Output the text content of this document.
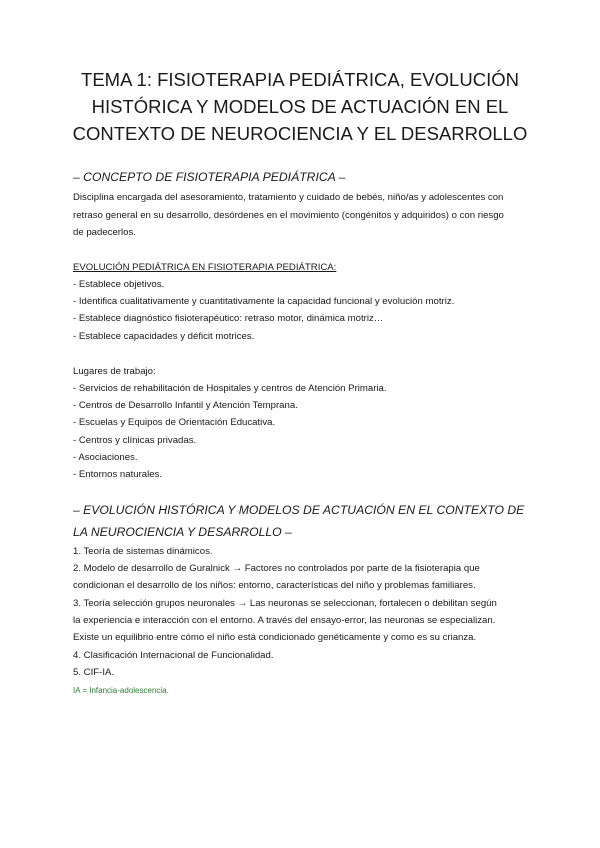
TEMA 1: FISIOTERAPIA PEDIÁTRICA, EVOLUCIÓN
HISTÓRICA Y MODELOS DE ACTUACIÓN EN EL
CONTEXTO DE NEUROCIENCIA Y EL DESARROLLO
– CONCEPTO DE FISIOTERAPIA PEDIÁTRICA –
Disciplina encargada del asesoramiento, tratamiento y cuidado de bebés, niño/as y adolescentes con
retraso general en su desarrollo, desórdenes en el movimiento (congénitos y adquiridos) o con riesgo
de padecerlos.
EVOLUCIÓN PEDIÁTRICA EN FISIOTERAPIA PEDIÁTRICA:
- Establece objetivos.
- Identifica cualitativamente y cuantitativamente la capacidad funcional y evolución motriz.
- Establece diagnóstico fisioterapéutico: retraso motor, dinámica motriz…
- Establece capacidades y déficit motrices.
Lugares de trabajo:
- Servicios de rehabilitación de Hospitales y centros de Atención Primaria.
- Centros de Desarrollo Infantil y Atención Temprana.
- Escuelas y Equipos de Orientación Educativa.
- Centros y clínicas privadas.
- Asociaciones.
- Entornos naturales.
– EVOLUCIÓN HISTÓRICA Y MODELOS DE ACTUACIÓN EN EL CONTEXTO DE
LA NEUROCIENCIA Y DESARROLLO –
1. Teoría de sistemas dinámicos.
2. Modelo de desarrollo de Guralnick → Factores no controlados por parte de la fisioterapia que
condicionan el desarrollo de los niños: entorno, características del niño y problemas familiares.
3. Teoría selección grupos neuronales → Las neuronas se seleccionan, fortalecen o debilitan según
la experiencia e interacción con el entorno. A través del ensayo-error, las neuronas se especializan.
Existe un equilibrio entre cómo el niño está condicionado genéticamente y como es su crianza.
4. Clasificación Internacional de Funcionalidad.
5. CIF-IA.
IA = Infancia-adolescencia.
